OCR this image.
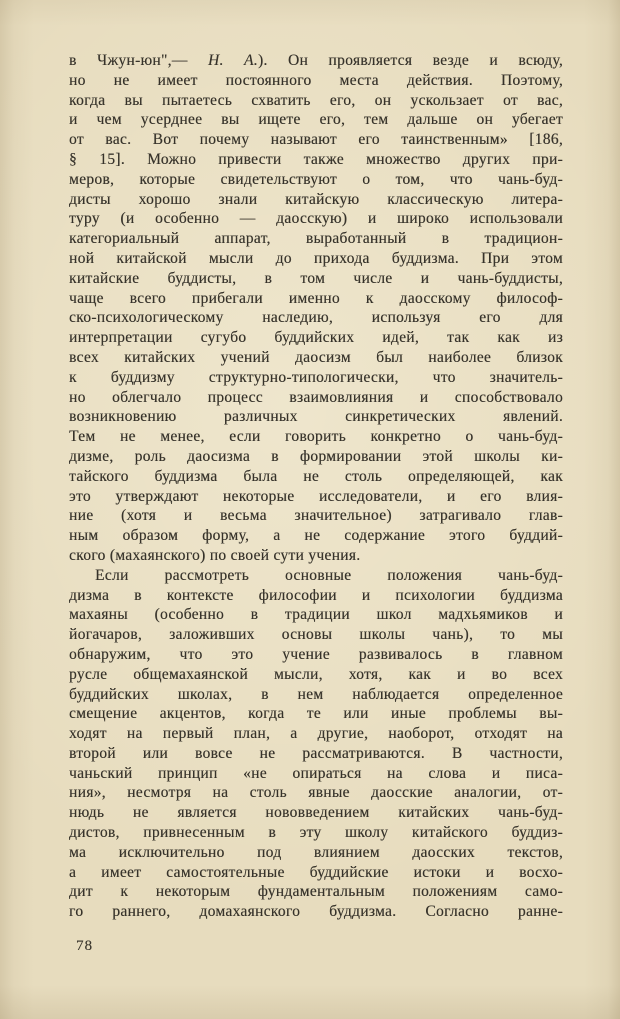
в Чжун-юн",— Н. А.). Он проявляется везде и всюду,
но не имеет постоянного места действия. Поэтому,
когда вы пытаетесь схватить его, он ускользает от вас,
и чем усерднее вы ищете его, тем дальше он убегает
от вас. Вот почему называют его таинственным» [186,
§ 15]. Можно привести также множество других при-
меров, которые свидетельствуют о том, что чань-буд-
дисты хорошо знали китайскую классическую литера-
туру (и особенно — даосскую) и широко использовали
категориальный аппарат, выработанный в традицион-
ной китайской мысли до прихода буддизма. При этом
китайские буддисты, в том числе и чань-буддисты,
чаще всего прибегали именно к даосскому философ-
ско-психологическому наследию, используя его для
интерпретации сугубо буддийских идей, так как из
всех китайских учений даосизм был наиболее близок
к буддизму структурно-типологически, что значитель-
но облегчало процесс взаимовлияния и способствовало
возникновению различных синкретических явлений.
Тем не менее, если говорить конкретно о чань-буд-
дизме, роль даосизма в формировании этой школы ки-
тайского буддизма была не столь определяющей, как
это утверждают некоторые исследователи, и его влия-
ние (хотя и весьма значительное) затрагивало глав-
ным образом форму, а не содержание этого буддий-
ского (махаянского) по своей сути учения.
Если рассмотреть основные положения чань-буд-
дизма в контексте философии и психологии буддизма
махаяны (особенно в традиции школ мадхьямиков и
йогачаров, заложивших основы школы чань), то мы
обнаружим, что это учение развивалось в главном
русле общемахаянской мысли, хотя, как и во всех
буддийских школах, в нем наблюдается определенное
смещение акцентов, когда те или иные проблемы вы-
ходят на первый план, а другие, наоборот, отходят на
второй или вовсе не рассматриваются. В частности,
чаньский принцип «не опираться на слова и писа-
ния», несмотря на столь явные даосские аналогии, от-
нюдь не является нововведением китайских чань-буд-
дистов, привнесенным в эту школу китайского буддиз-
ма исключительно под влиянием даосских текстов,
а имеет самостоятельные буддийские истоки и восхо-
дит к некоторым фундаментальным положениям само-
го раннего, домахаянского буддизма. Согласно ранне-
78
